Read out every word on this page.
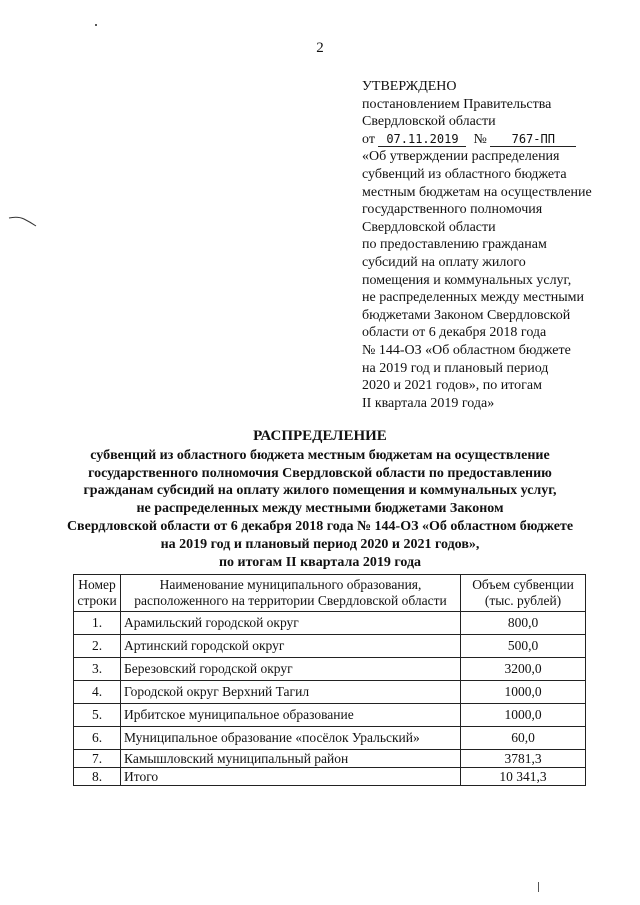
2
УТВЕРЖДЕНО
постановлением Правительства
Свердловской области
от 07.11.2019 № 767-ПП
«Об утверждении распределения
субвенций из областного бюджета
местным бюджетам на осуществление
государственного полномочия
Свердловской области
по предоставлению гражданам
субсидий на оплату жилого
помещения и коммунальных услуг,
не распределенных между местными
бюджетами Законом Свердловской
области от 6 декабря 2018 года
№ 144-ОЗ «Об областном бюджете
на 2019 год и плановый период
2020 и 2021 годов», по итогам
II квартала 2019 года»
РАСПРЕДЕЛЕНИЕ
субвенций из областного бюджета местным бюджетам на осуществление
государственного полномочия Свердловской области по предоставлению
гражданам субсидий на оплату жилого помещения и коммунальных услуг,
не распределенных между местными бюджетами Законом
Свердловской области от 6 декабря 2018 года № 144-ОЗ «Об областном бюджете
на 2019 год и плановый период 2020 и 2021 годов»,
по итогам II квартала 2019 года
Номер
строки	Наименование муниципального образования,
расположенного на территории Свердловской области	Объем субвенции
(тыс. рублей)
1.	Арамильский городской округ	800,0
2.	Артинский городской округ	500,0
3.	Березовский городской округ	3200,0
4.	Городской округ Верхний Тагил	1000,0
5.	Ирбитское муниципальное образование	1000,0
6.	Муниципальное образование «посёлок Уральский»	60,0
7.	Камышловский муниципальный район	3781,3
8.	Итого	10 341,3
